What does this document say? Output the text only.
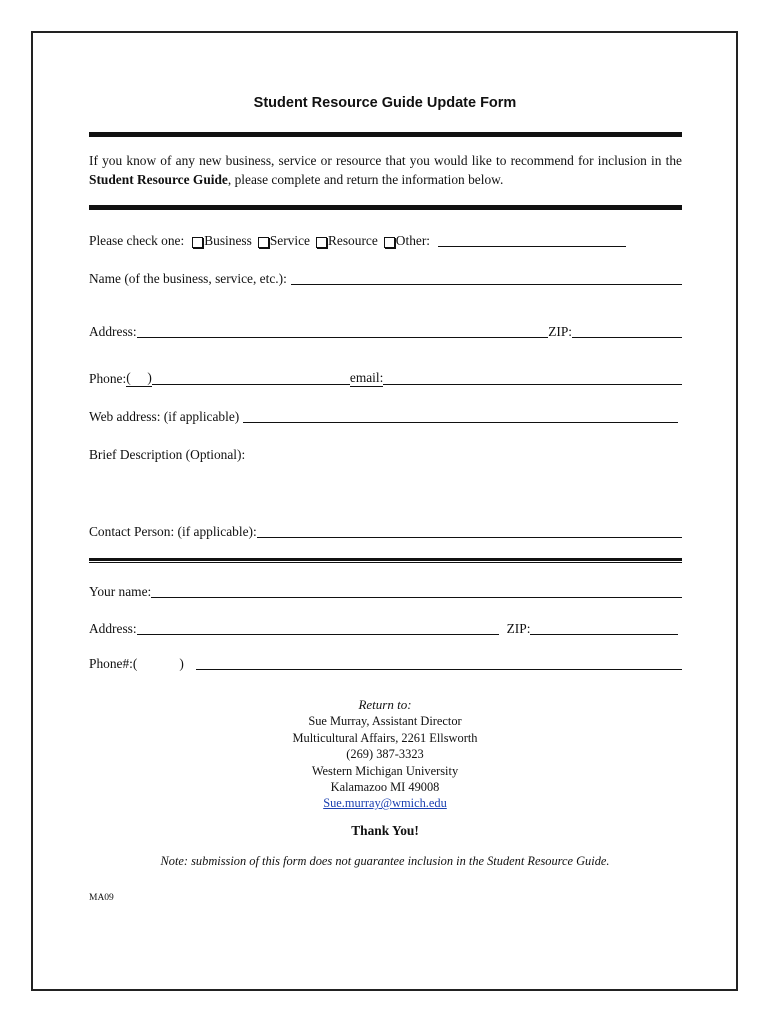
Student Resource Guide Update Form
If you know of any new business, service or resource that you would like to recommend for inclusion in the Student Resource Guide, please complete and return the information below.
Please check one: Business Service Resource Other:
Name (of the business, service, etc.):
Address:	ZIP:
Phone: (     )	email:
Web address: (if applicable)
Brief Description (Optional):
Contact Person: (if applicable):
Your name:
Address:	ZIP:
Phone#:(	)
Return to:
Sue Murray, Assistant Director
Multicultural Affairs, 2261 Ellsworth
(269) 387-3323
Western Michigan University
Kalamazoo MI 49008
Sue.murray@wmich.edu
Thank You!
Note: submission of this form does not guarantee inclusion in the Student Resource Guide.
MA09
